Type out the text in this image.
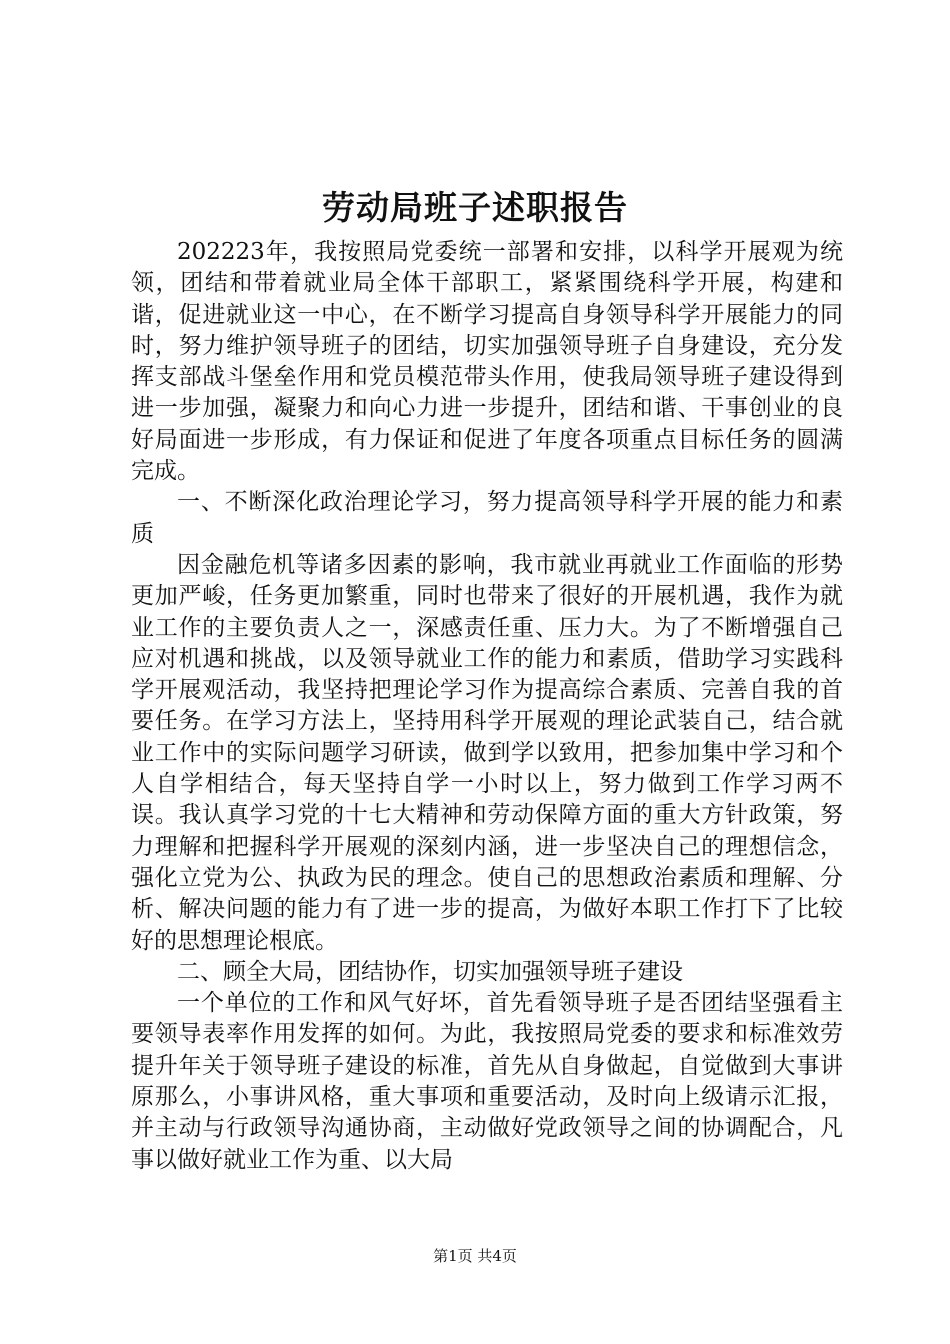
劳动局班子述职报告

202223年，我按照局党委统一部署和安排，以科学开展观为统领，团结和带着就业局全体干部职工，紧紧围绕科学开展，构建和谐，促进就业这一中心，在不断学习提高自身领导科学开展能力的同时，努力维护领导班子的团结，切实加强领导班子自身建设，充分发挥支部战斗堡垒作用和党员模范带头作用，使我局领导班子建设得到进一步加强，凝聚力和向心力进一步提升，团结和谐、干事创业的良好局面进一步形成，有力保证和促进了年度各项重点目标任务的圆满完成。

一、不断深化政治理论学习，努力提高领导科学开展的能力和素质

因金融危机等诸多因素的影响，我市就业再就业工作面临的形势更加严峻，任务更加繁重，同时也带来了很好的开展机遇，我作为就业工作的主要负责人之一，深感责任重、压力大。为了不断增强自己应对机遇和挑战，以及领导就业工作的能力和素质，借助学习实践科学开展观活动，我坚持把理论学习作为提高综合素质、完善自我的首要任务。在学习方法上，坚持用科学开展观的理论武装自己，结合就业工作中的实际问题学习研读，做到学以致用，把参加集中学习和个人自学相结合，每天坚持自学一小时以上，努力做到工作学习两不误。我认真学习党的十七大精神和劳动保障方面的重大方针政策，努力理解和把握科学开展观的深刻内涵，进一步坚决自己的理想信念，强化立党为公、执政为民的理念。使自己的思想政治素质和理解、分析、解决问题的能力有了进一步的提高，为做好本职工作打下了比较好的思想理论根底。

二、顾全大局，团结协作，切实加强领导班子建设

一个单位的工作和风气好坏，首先看领导班子是否团结坚强看主要领导表率作用发挥的如何。为此，我按照局党委的要求和标准效劳提升年关于领导班子建设的标准，首先从自身做起，自觉做到大事讲原那么，小事讲风格，重大事项和重要活动，及时向上级请示汇报，并主动与行政领导沟通协商，主动做好党政领导之间的协调配合，凡事以做好就业工作为重、以大局

第1页 共4页
